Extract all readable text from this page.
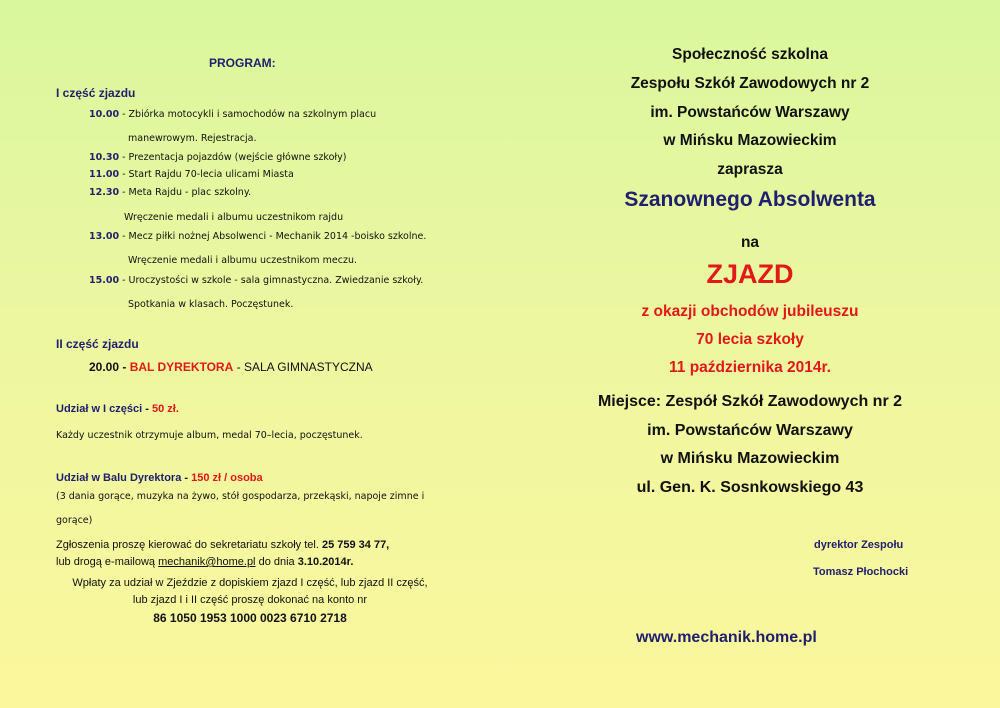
PROGRAM:
I część zjazdu
10.00 - Zbiórka motocykli i samochodów na szkolnym placu
manewrowym. Rejestracja.
10.30 - Prezentacja pojazdów (wejście główne szkoły)
11.00 - Start Rajdu 70-lecia ulicami Miasta
12.30 - Meta Rajdu - plac szkolny.
Wręczenie medali i albumu uczestnikom rajdu
13.00 - Mecz piłki nożnej Absolwenci - Mechanik 2014 -boisko szkolne.
Wręczenie medali i albumu uczestnikom meczu.
15.00 - Uroczystości w szkole - sala gimnastyczna. Zwiedzanie szkoły.
Spotkania w klasach. Poczęstunek.
II część zjazdu
20.00 - BAL DYREKTORA - SALA GIMNASTYCZNA
Udział w I części - 50 zł.
Każdy uczestnik otrzymuje album, medal 70–lecia, poczęstunek.
Udział w Balu Dyrektora - 150 zł / osoba
(3 dania gorące, muzyka na żywo, stół gospodarza, przekąski, napoje zimne i
gorące)
Zgłoszenia proszę kierować do sekretariatu szkoły tel. 25 759 34 77,
lub drogą e-mailową mechanik@home.pl do dnia 3.10.2014r.
Wpłaty za udział w Zjeździe z dopiskiem zjazd I część, lub zjazd II część,
lub zjazd I i II część proszę dokonać na konto nr
86 1050 1953 1000 0023 6710 2718
Społeczność szkolna
Zespołu Szkół Zawodowych nr 2
im. Powstańców Warszawy
w Mińsku Mazowieckim
zaprasza
Szanownego Absolwenta
na
ZJAZD
z okazji obchodów jubileuszu
70 lecia szkoły
11 października 2014r.
Miejsce: Zespół Szkół Zawodowych nr 2
im. Powstańców Warszawy
w Mińsku Mazowieckim
ul. Gen. K. Sosnkowskiego 43
dyrektor Zespołu
Tomasz Płochocki
www.mechanik.home.pl
